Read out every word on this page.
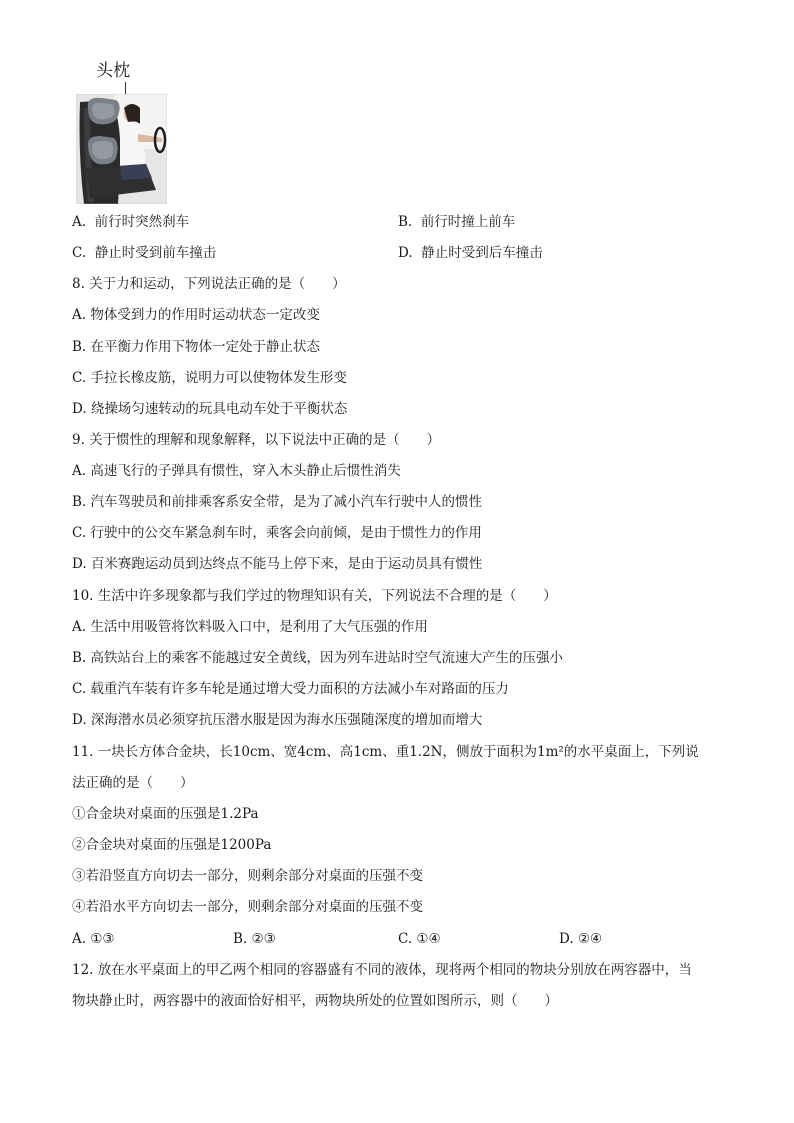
头枕
A. 前行时突然刹车	B. 前行时撞上前车
C. 静止时受到前车撞击	D. 静止时受到后车撞击
8. 关于力和运动，下列说法正确的是（　　）
A. 物体受到力的作用时运动状态一定改变
B. 在平衡力作用下物体一定处于静止状态
C. 手拉长橡皮筋，说明力可以使物体发生形变
D. 绕操场匀速转动的玩具电动车处于平衡状态
9. 关于惯性的理解和现象解释，以下说法中正确的是（　　）
A. 高速飞行的子弹具有惯性，穿入木头静止后惯性消失
B. 汽车驾驶员和前排乘客系安全带，是为了减小汽车行驶中人的惯性
C. 行驶中的公交车紧急刹车时，乘客会向前倾，是由于惯性力的作用
D. 百米赛跑运动员到达终点不能马上停下来，是由于运动员具有惯性
10. 生活中许多现象都与我们学过的物理知识有关，下列说法不合理的是（　　）
A. 生活中用吸管将饮料吸入口中，是利用了大气压强的作用
B. 高铁站台上的乘客不能越过安全黄线，因为列车进站时空气流速大产生的压强小
C. 载重汽车装有许多车轮是通过增大受力面积的方法减小车对路面的压力
D. 深海潜水员必须穿抗压潜水服是因为海水压强随深度的增加而增大
11. 一块长方体合金块，长10cm、宽4cm、高1cm、重1.2N，侧放于面积为1m²的水平桌面上，下列说
法正确的是（　　）
①合金块对桌面的压强是1.2Pa
②合金块对桌面的压强是1200Pa
③若沿竖直方向切去一部分，则剩余部分对桌面的压强不变
④若沿水平方向切去一部分，则剩余部分对桌面的压强不变
A. ①③	B. ②③	C. ①④	D. ②④
12. 放在水平桌面上的甲乙两个相同的容器盛有不同的液体，现将两个相同的物块分别放在两容器中，当
物块静止时，两容器中的液面恰好相平，两物块所处的位置如图所示，则（　　）
